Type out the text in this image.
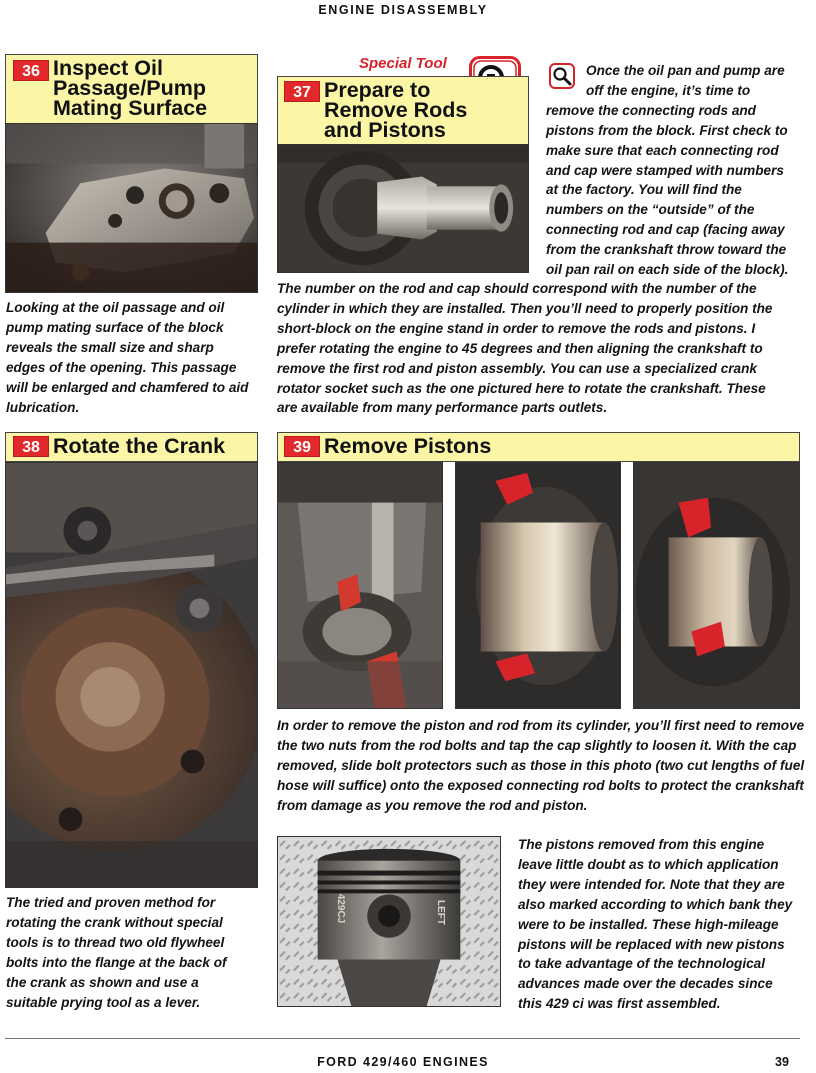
ENGINE DISASSEMBLY
36 Inspect Oil
Passage/Pump
Mating Surface
Looking at the oil passage and oil
pump mating surface of the block
reveals the small size and sharp
edges of the opening. This passage
will be enlarged and chamfered to aid
lubrication.
Special Tool
37 Prepare to
Remove Rods
and Pistons
Once the oil pan and pump are
off the engine, it’s time to
remove the connecting rods and
pistons from the block. First check to
make sure that each connecting rod
and cap were stamped with numbers
at the factory. You will find the
numbers on the “outside” of the
connecting rod and cap (facing away
from the crankshaft throw toward the
oil pan rail on each side of the block).
The number on the rod and cap should correspond with the number of the
cylinder in which they are installed. Then you’ll need to properly position the
short-block on the engine stand in order to remove the rods and pistons. I
prefer rotating the engine to 45 degrees and then aligning the crankshaft to
remove the first rod and piston assembly. You can use a specialized crank
rotator socket such as the one pictured here to rotate the crankshaft. These
are available from many performance parts outlets.
38 Rotate the Crank
The tried and proven method for
rotating the crank without special
tools is to thread two old flywheel
bolts into the flange at the back of
the crank as shown and use a
suitable prying tool as a lever.
39 Remove Pistons
In order to remove the piston and rod from its cylinder, you’ll first need to remove
the two nuts from the rod bolts and tap the cap slightly to loosen it. With the cap
removed, slide bolt protectors such as those in this photo (two cut lengths of fuel
hose will suffice) onto the exposed connecting rod bolts to protect the crankshaft
from damage as you remove the rod and piston.
429CJ	LEFT
The pistons removed from this engine
leave little doubt as to which application
they were intended for. Note that they are
also marked according to which bank they
were to be installed. These high-mileage
pistons will be replaced with new pistons
to take advantage of the technological
advances made over the decades since
this 429 ci was first assembled.
FORD 429/460 ENGINES	39
